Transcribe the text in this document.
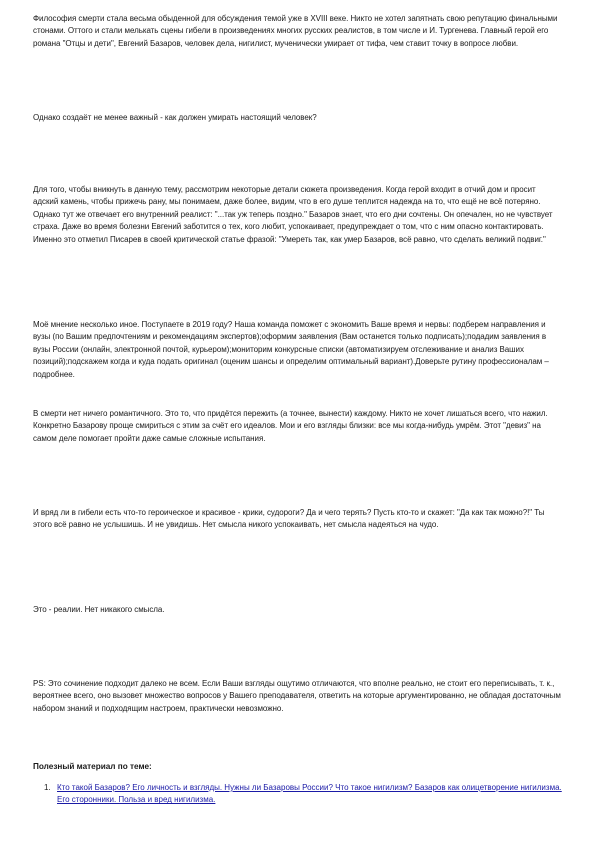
Философия смерти стала весьма обыденной для обсуждения темой уже в XVIII веке. Никто не хотел запятнать свою репутацию финальными стонами. Оттого и стали мелькать сцены гибели в произведениях многих русских реалистов, в том числе и И. Тургенева. Главный герой его романа "Отцы и дети", Евгений Базаров, человек дела, нигилист, мученически умирает от тифа, чем ставит точку в вопросе любви.

Однако создаёт не менее важный - как должен умирать настоящий человек?

Для того, чтобы вникнуть в данную тему, рассмотрим некоторые детали сюжета произведения. Когда герой входит в отчий дом и просит адский камень, чтобы прижечь рану, мы понимаем, даже более, видим, что в его душе теплится надежда на то, что ещё не всё потеряно. Однако тут же отвечает его внутренний реалист: "...так уж теперь поздно." Базаров знает, что его дни сочтены. Он опечален, но не чувствует страха. Даже во время болезни Евгений заботится о тех, кого любит, успокаивает, предупреждает о том, что с ним опасно контактировать. Именно это отметил Писарев в своей критической статье фразой: "Умереть так, как умер Базаров, всё равно, что сделать великий подвиг."

Моё мнение несколько иное. Поступаете в 2019 году? Наша команда поможет с экономить Ваше время и нервы: подберем направления и вузы (по Вашим предпочтениям и рекомендациям экспертов);оформим заявления (Вам останется только подписать);подадим заявления в вузы России (онлайн, электронной почтой, курьером);мониторим конкурсные списки (автоматизируем отслеживание и анализ Ваших позиций);подскажем когда и куда подать оригинал (оценим шансы и определим оптимальный вариант).Доверьте рутину профессионалам – подробнее.

В смерти нет ничего романтичного. Это то, что придётся пережить (а точнее, вынести) каждому. Никто не хочет лишаться всего, что нажил. Конкретно Базарову проще смириться с этим за счёт его идеалов. Мои и его взгляды близки: все мы когда-нибудь умрём. Этот "девиз" на самом деле помогает пройти даже самые сложные испытания.

И вряд ли в гибели есть что-то героическое и красивое - крики, судороги? Да и чего терять? Пусть кто-то и скажет: "Да как так можно?!" Ты этого всё равно не услышишь. И не увидишь. Нет смысла никого успокаивать, нет смысла надеяться на чудо.

Это - реалии. Нет никакого смысла.

PS: Это сочинение подходит далеко не всем. Если Ваши взгляды ощутимо отличаются, что вполне реально, не стоит его переписывать, т. к., вероятнее всего, оно вызовет множество вопросов у Вашего преподавателя, ответить на которые аргументированно, не обладая достаточным набором знаний и подходящим настроем, практически невозможно.

Полезный материал по теме:

1. Кто такой Базаров? Его личность и взгляды. Нужны ли Базаровы России? Что такое нигилизм? Базаров как олицетворение нигилизма. Его сторонники. Польза и вред нигилизма.
